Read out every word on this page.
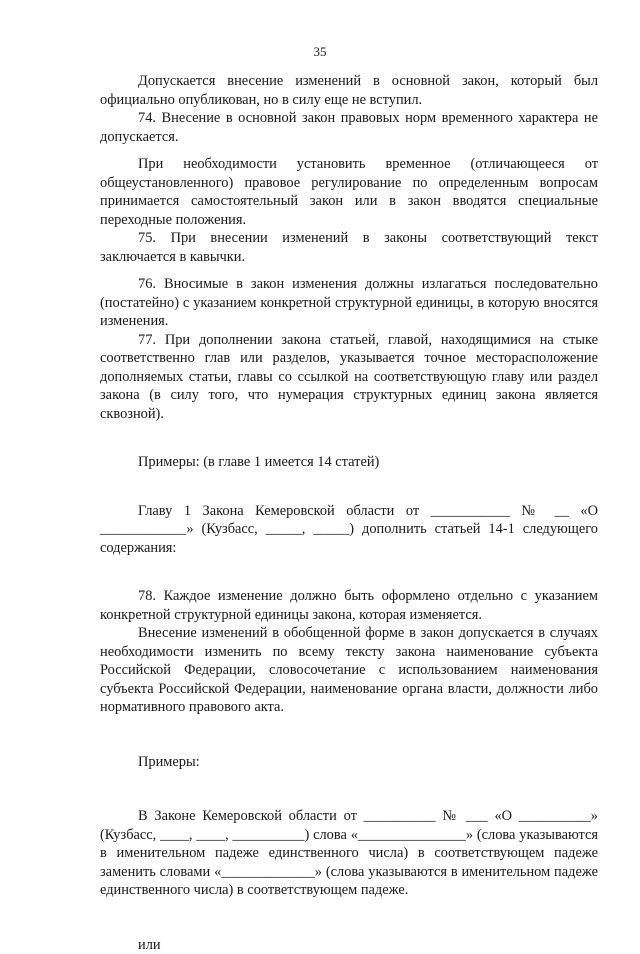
35

Допускается внесение изменений в основной закон, который был официально опубликован, но в силу еще не вступил.

74. Внесение в основной закон правовых норм временного характера не допускается.

При необходимости установить временное (отличающееся от общеустановленного) правовое регулирование по определенным вопросам принимается самостоятельный закон или в закон вводятся специальные переходные положения.

75. При внесении изменений в законы соответствующий текст заключается в кавычки.

76. Вносимые в закон изменения должны излагаться последовательно (постатейно) с указанием конкретной структурной единицы, в которую вносятся изменения.

77. При дополнении закона статьей, главой, находящимися на стыке соответственно глав или разделов, указывается точное месторасположение дополняемых статьи, главы со ссылкой на соответствующую главу или раздел закона (в силу того, что нумерация структурных единиц закона является сквозной).

Примеры: (в главе 1 имеется 14 статей)

Главу 1 Закона Кемеровской области от ___________ № __ «О ____________» (Кузбасс, _____, _____) дополнить статьей 14-1 следующего содержания:

78. Каждое изменение должно быть оформлено отдельно с указанием конкретной структурной единицы закона, которая изменяется.

Внесение изменений в обобщенной форме в закон допускается в случаях необходимости изменить по всему тексту закона наименование субъекта Российской Федерации, словосочетание с использованием наименования субъекта Российской Федерации, наименование органа власти, должности либо нормативного правового акта.

Примеры:

В Законе Кемеровской области от __________ № ___ «О __________» (Кузбасс, ____, ____, __________) слова «_______________» (слова указываются в именительном падеже единственного числа) в соответствующем падеже заменить словами «_____________» (слова указываются в именительном падеже единственного числа) в соответствующем падеже.

или
